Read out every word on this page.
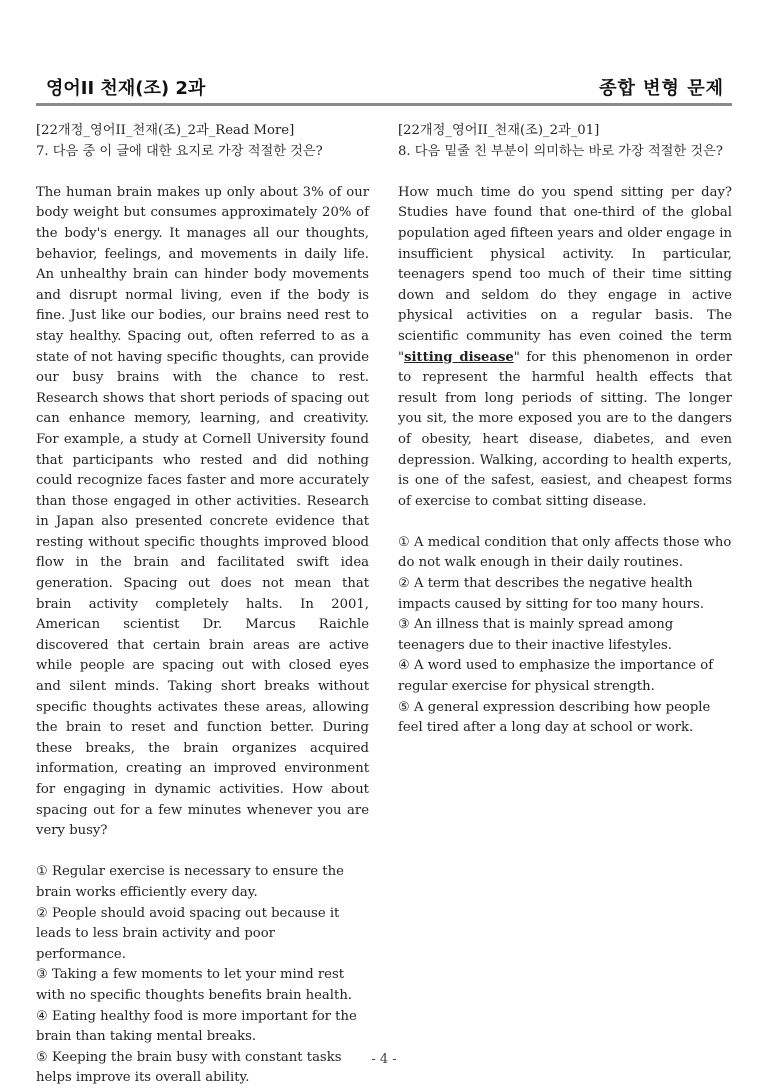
영어II 천재(조) 2과	종합 변형 문제

[22개정_영어II_천재(조)_2과_Read More]

7. 다음 중 이 글에 대한 요지로 가장 적절한 것은?

The human brain makes up only about 3% of our body weight but consumes approximately 20% of the body's energy. It manages all our thoughts, behavior, feelings, and movements in daily life. An unhealthy brain can hinder body movements and disrupt normal living, even if the body is fine. Just like our bodies, our brains need rest to stay healthy. Spacing out, often referred to as a state of not having specific thoughts, can provide our busy brains with the chance to rest. Research shows that short periods of spacing out can enhance memory, learning, and creativity. For example, a study at Cornell University found that participants who rested and did nothing could recognize faces faster and more accurately than those engaged in other activities. Research in Japan also presented concrete evidence that resting without specific thoughts improved blood flow in the brain and facilitated swift idea generation. Spacing out does not mean that brain activity completely halts. In 2001, American scientist Dr. Marcus Raichle discovered that certain brain areas are active while people are spacing out with closed eyes and silent minds. Taking short breaks without specific thoughts activates these areas, allowing the brain to reset and function better. During these breaks, the brain organizes acquired information, creating an improved environment for engaging in dynamic activities. How about spacing out for a few minutes whenever you are very busy?

① Regular exercise is necessary to ensure the brain works efficiently every day.
② People should avoid spacing out because it leads to less brain activity and poor performance.
③ Taking a few moments to let your mind rest with no specific thoughts benefits brain health.
④ Eating healthy food is more important for the brain than taking mental breaks.
⑤ Keeping the brain busy with constant tasks helps improve its overall ability.

[22개정_영어II_천재(조)_2과_01]

8. 다음 밑줄 친 부분이 의미하는 바로 가장 적절한 것은?

How much time do you spend sitting per day? Studies have found that one-third of the global population aged fifteen years and older engage in insufficient physical activity. In particular, teenagers spend too much of their time sitting down and seldom do they engage in active physical activities on a regular basis. The scientific community has even coined the term "sitting disease" for this phenomenon in order to represent the harmful health effects that result from long periods of sitting. The longer you sit, the more exposed you are to the dangers of obesity, heart disease, diabetes, and even depression. Walking, according to health experts, is one of the safest, easiest, and cheapest forms of exercise to combat sitting disease.

① A medical condition that only affects those who do not walk enough in their daily routines.
② A term that describes the negative health impacts caused by sitting for too many hours.
③ An illness that is mainly spread among teenagers due to their inactive lifestyles.
④ A word used to emphasize the importance of regular exercise for physical strength.
⑤ A general expression describing how people feel tired after a long day at school or work.
- 4 -
